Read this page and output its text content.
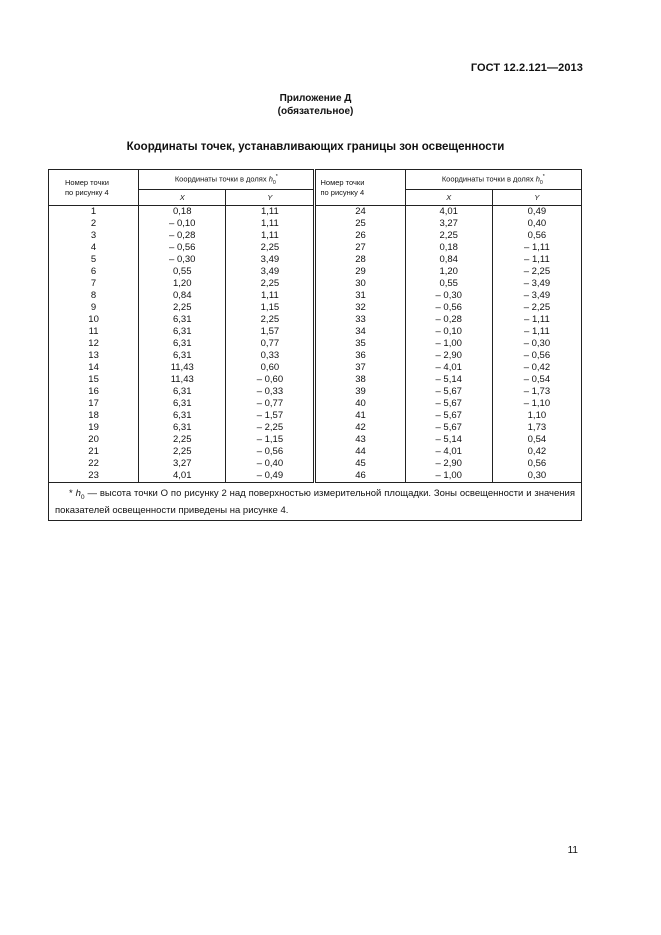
ГОСТ 12.2.121—2013
Приложение Д
(обязательное)
Координаты точек, устанавливающих границы зон освещенности
Номер точки
по рисунку 4	Координаты точки в долях $h_0^*$		Номер точки
по рисунку 4	Координаты точки в долях $h_0^*$
	X	Y		X	Y
1	0,18	1,11	24	4,01	0,49
2	– 0,10	1,11	25	3,27	0,40
3	– 0,28	1,11	26	2,25	0,56
4	– 0,56	2,25	27	0,18	– 1,11
5	– 0,30	3,49	28	0,84	– 1,11
6	0,55	3,49	29	1,20	– 2,25
7	1,20	2,25	30	0,55	– 3,49
8	0,84	1,11	31	– 0,30	– 3,49
9	2,25	1,15	32	– 0,56	– 2,25
10	6,31	2,25	33	– 0,28	– 1,11
11	6,31	1,57	34	– 0,10	– 1,11
12	6,31	0,77	35	– 1,00	– 0,30
13	6,31	0,33	36	– 2,90	– 0,56
14	11,43	0,60	37	– 4,01	– 0,42
15	11,43	– 0,60	38	– 5,14	– 0,54
16	6,31	– 0,33	39	– 5,67	– 1,73
17	6,31	– 0,77	40	– 5,67	– 1,10
18	6,31	– 1,57	41	– 5,67	1,10
19	6,31	– 2,25	42	– 5,67	1,73
20	2,25	– 1,15	43	– 5,14	0,54
21	2,25	– 0,56	44	– 4,01	0,42
22	3,27	– 0,40	45	– 2,90	0,56
23	4,01	– 0,49	46	– 1,00	0,30
* $h_0$ — высота точки О по рисунку 2 над поверхностью измерительной площадки. Зоны освещенности и значения показателей освещенности приведены на рисунке 4.
11
